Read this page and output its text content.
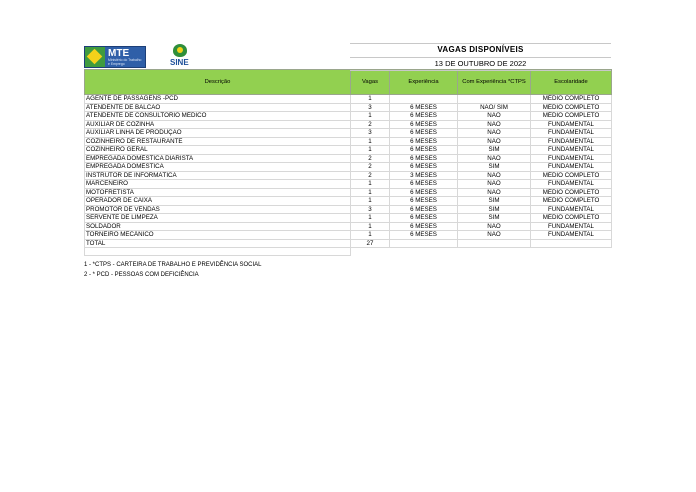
MTE
Ministério do Trabalho e Emprego	SINE
VAGAS DISPONÍVEIS
13 DE OUTUBRO DE 2022
Descrição	Vagas	Experiência	Com Experiência *CTPS	Escolaridade
AGENTE DE PASSAGENS -PCD	1			MÉDIO COMPLETO
ATENDENTE DE BALCÃO	3	6 MESES	NÃO/ SIM	MÉDIO COMPLETO
ATENDENTE DE CONSULTÓRIO MÉDICO	1	6 MESES	NÃO	MÉDIO COMPLETO
AUXILIAR DE COZINHA	2	6 MESES	NÃO	FUNDAMENTAL
AUXILIAR LINHA DE PRODUÇÃO	3	6 MESES	NÃO	FUNDAMENTAL
COZINHEIRO DE RESTAURANTE	1	6 MESES	NÃO	FUNDAMENTAL
COZINHEIRO GERAL	1	6 MESES	SIM	FUNDAMENTAL
EMPREGADA DOMÉSTICA DIARISTA	2	6 MESES	NÃO	FUNDAMENTAL
EMPREGADA DOMÉSTICA	2	6 MESES	SIM	FUNDAMENTAL
INSTRUTOR DE INFORMÁTICA	2	3 MESES	NÃO	MÉDIO COMPLETO
MARCENEIRO	1	6 MESES	NÃO	FUNDAMENTAL
MOTOFRETISTA	1	6 MESES	NÃO	MÉDIO COMPLETO
OPERADOR DE CAIXA	1	6 MESES	SIM	MÉDIO COMPLETO
PROMOTOR DE VENDAS	3	6 MESES	SIM	FUNDAMENTAL
SERVENTE DE LIMPEZA	1	6 MESES	SIM	MÉDIO COMPLETO
SOLDADOR	1	6 MESES	NÃO	FUNDAMENTAL
TORNEIRO MECÂNICO	1	6 MESES	NÃO	FUNDAMENTAL
TOTAL	27			

1 - *CTPS - CARTEIRA DE TRABALHO E PREVIDÊNCIA SOCIAL
2 - * PCD - PESSOAS COM DEFICIÊNCIA
